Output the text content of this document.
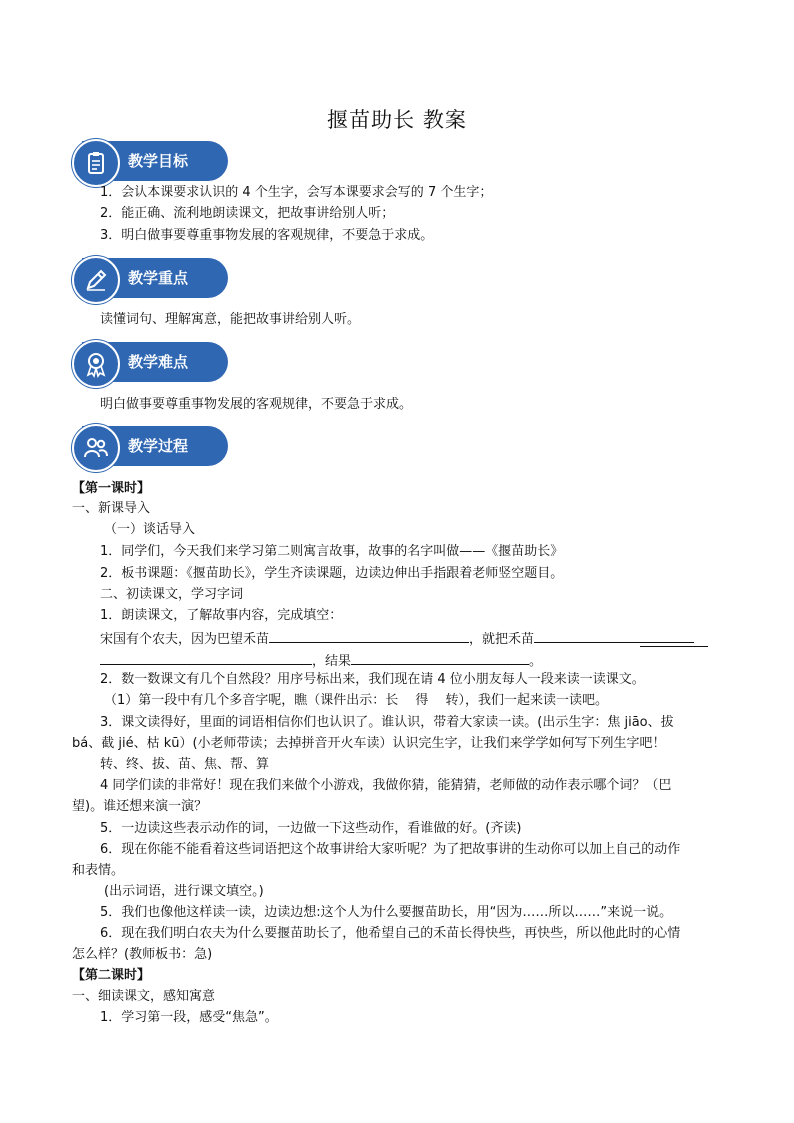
揠苗助长 教案
教学目标
1．会认本课要求认识的 4 个生字，会写本课要求会写的 7 个生字；
2．能正确、流利地朗读课文，把故事讲给别人听；
3．明白做事要尊重事物发展的客观规律，不要急于求成。
教学重点
读懂词句、理解寓意，能把故事讲给别人听。
教学难点
明白做事要尊重事物发展的客观规律，不要急于求成。
教学过程
【第一课时】
一、新课导入
（一）谈话导入
1．同学们，今天我们来学习第二则寓言故事，故事的名字叫做——《揠苗助长》
2．板书课题：《揠苗助长》，学生齐读课题，边读边伸出手指跟着老师竖空题目。
二、初读课文，学习字词
1．朗读课文，了解故事内容，完成填空：
宋国有个农夫，因为巴望禾苗	，就把禾苗
，结果	。
2．数一数课文有几个自然段？用序号标出来，我们现在请 4 位小朋友每人一段来读一读课文。
（1）第一段中有几个多音字呢，瞧（课件出示：长　 得　 转），我们一起来读一读吧。
3．课文读得好，里面的词语相信你们也认识了。谁认识，带着大家读一读。(出示生字：焦 jiāo、拔
bá、截 jié、枯 kū）(小老师带读；去掉拼音开火车读）认识完生字，让我们来学学如何写下列生字吧！
转、终、拔、苗、焦、帮、算
4 同学们读的非常好！现在我们来做个小游戏，我做你猜，能猜猜，老师做的动作表示哪个词？（巴
望)。谁还想来演一演？
5．一边读这些表示动作的词，一边做一下这些动作，看谁做的好。(齐读)
6．现在你能不能看着这些词语把这个故事讲给大家听呢？为了把故事讲的生动你可以加上自己的动作
和表情。
(出示词语，进行课文填空。)
5．我们也像他这样读一读，边读边想:这个人为什么要揠苗助长，用“因为……所以……”来说一说。
6．现在我们明白农夫为什么要揠苗助长了，他希望自己的禾苗长得快些，再快些，所以他此时的心情
怎么样？(教师板书：急)
【第二课时】
一、细读课文，感知寓意
1．学习第一段，感受“焦急”。
